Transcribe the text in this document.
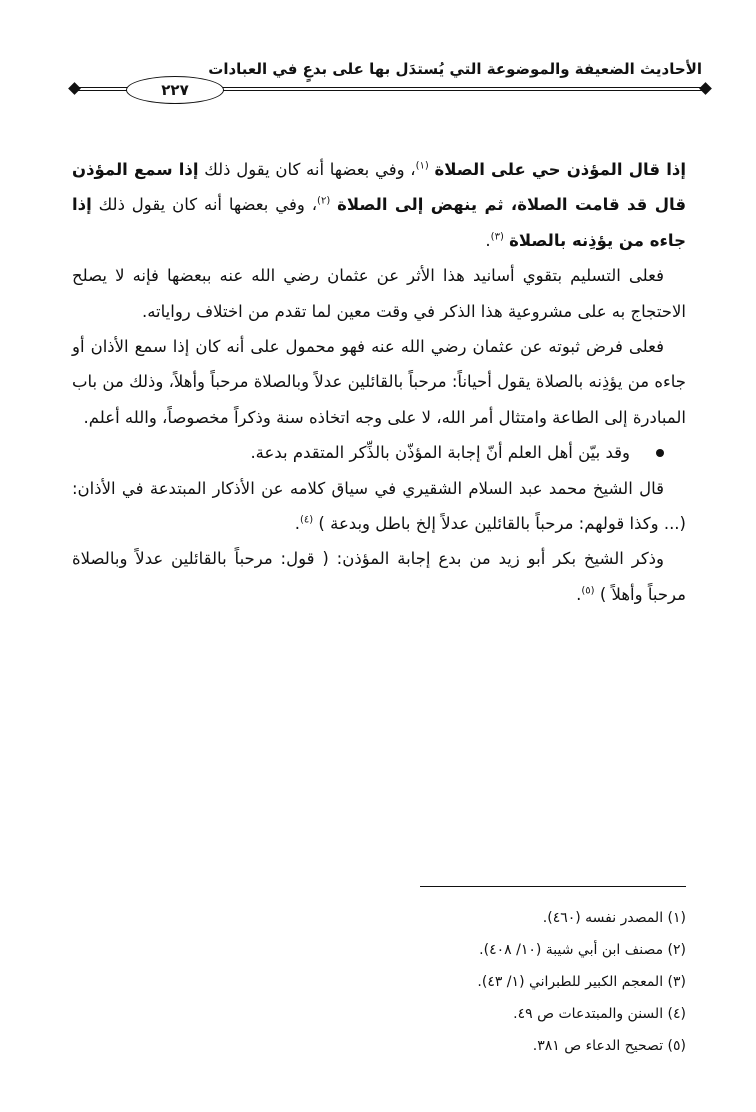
الأحاديث الضعيفة والموضوعة التي يُستدَل بها على بدعٍ في العبادات
٢٢٧

إذا قال المؤذن حي على الصلاة $^{(١)}$، وفي بعضها أنه كان يقول ذلك إذا سمع المؤذن قال قد قامت الصلاة، ثم ينهض إلى الصلاة $^{(٢)}$، وفي بعضها أنه كان يقول ذلك إذا جاءه من يؤذِنه بالصلاة $^{(٣)}$.

فعلى التسليم بتقوي أسانيد هذا الأثر عن عثمان رضي الله عنه ببعضها فإنه لا يصلح الاحتجاج به على مشروعية هذا الذكر في وقت معين لما تقدم من اختلاف رواياته.

فعلى فرض ثبوته عن عثمان رضي الله عنه فهو محمول على أنه كان إذا سمع الأذان أو جاءه من يؤذِنه بالصلاة يقول أحياناً: مرحباً بالقائلين عدلاً وبالصلاة مرحباً وأهلاً، وذلك من باب المبادرة إلى الطاعة وامتثال أمر الله، لا على وجه اتخاذه سنة وذكراً مخصوصاً، والله أعلم.

وقد بيّن أهل العلم أنّ إجابة المؤذّن بالذِّكر المتقدم بدعة.

قال الشيخ محمد عبد السلام الشقيري في سياق كلامه عن الأذكار المبتدعة في الأذان: (... وكذا قولهم: مرحباً بالقائلين عدلاً إلخ باطل وبدعة ) $^{(٤)}$.

وذكر الشيخ بكر أبو زيد من بدع إجابة المؤذن: ( قول: مرحباً بالقائلين عدلاً وبالصلاة مرحباً وأهلاً ) $^{(٥)}$.

(١) المصدر نفسه (٤٦٠).

(٢) مصنف ابن أبي شيبة (١٠/ ٤٠٨).

(٣) المعجم الكبير للطبراني (١/ ٤٣).

(٤) السنن والمبتدعات ص ٤٩.

(٥) تصحيح الدعاء ص ٣٨١.
